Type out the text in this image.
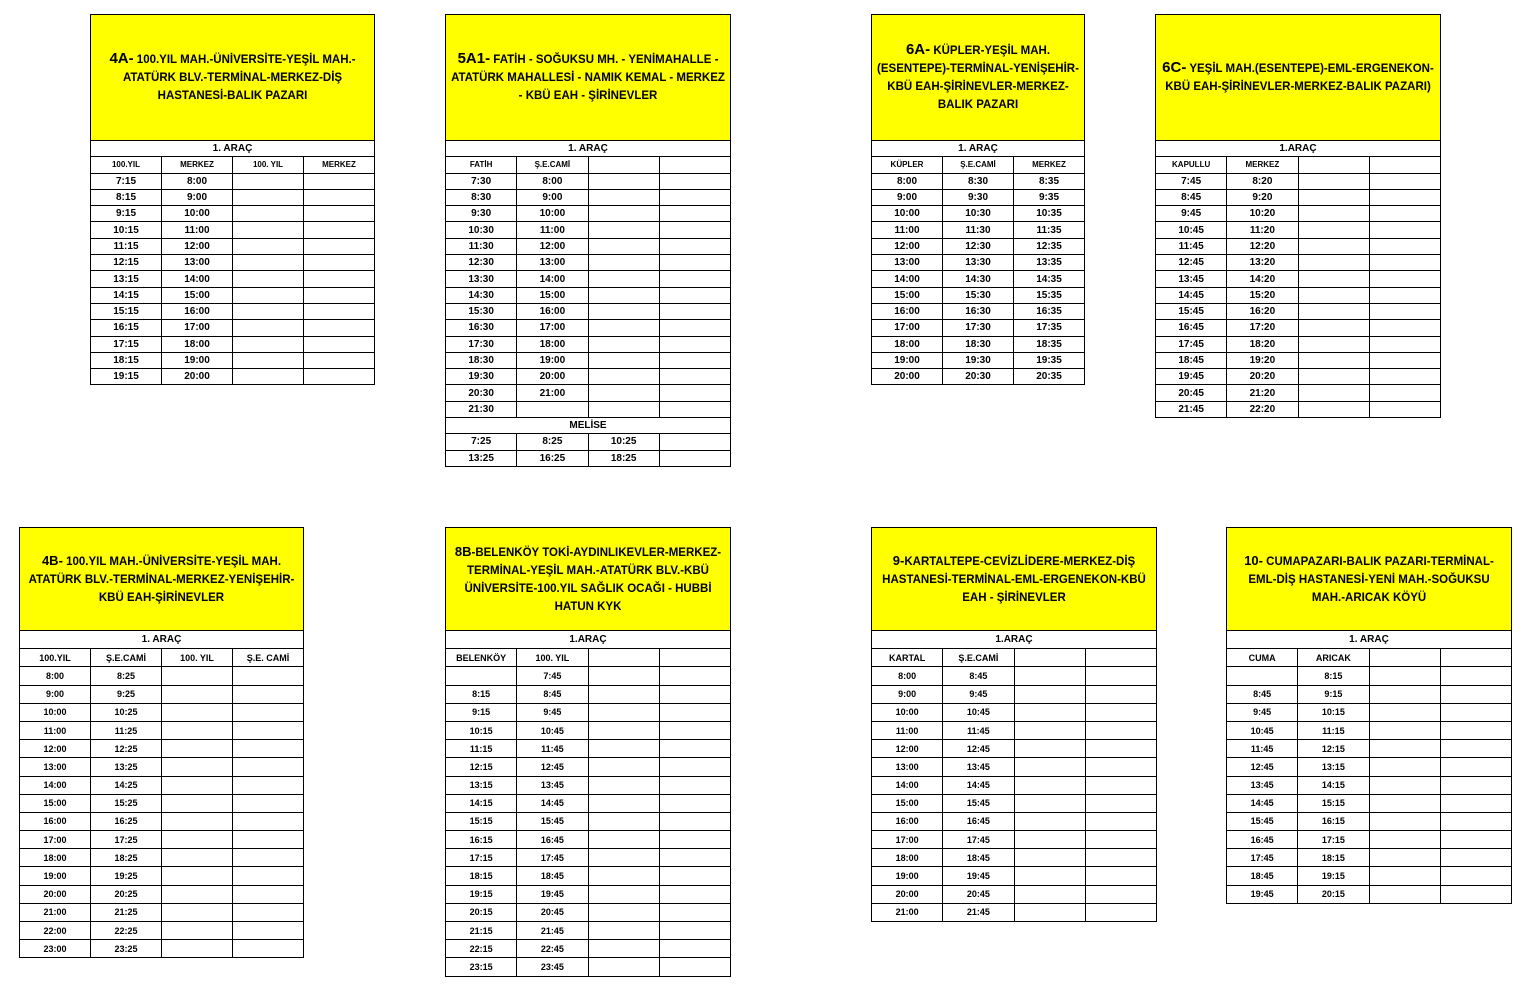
4A- 100.YIL MAH.-ÜNİVERSİTE-YEŞİL MAH.-ATATÜRK BLV.-TERMİNAL-MERKEZ-DİŞ HASTANESİ-BALIK PAZARI
1. ARAÇ			
100.YIL	MERKEZ	100. YIL	MERKEZ
7:15	8:00		
8:15	9:00		
9:15	10:00		
10:15	11:00		
11:15	12:00		
12:15	13:00		
13:15	14:00		
14:15	15:00		
15:15	16:00		
16:15	17:00		
17:15	18:00		
18:15	19:00		
19:15	20:00		
5A1- FATİH - SOĞUKSU MH. - YENİMAHALLE - ATATÜRK MAHALLESİ - NAMIK KEMAL - MERKEZ - KBÜ EAH - ŞİRİNEVLER
1. ARAÇ			
FATİH	Ş.E.CAMİ		
7:30	8:00		
8:30	9:00		
9:30	10:00		
10:30	11:00		
11:30	12:00		
12:30	13:00		
13:30	14:00		
14:30	15:00		
15:30	16:00		
16:30	17:00		
17:30	18:00		
18:30	19:00		
19:30	20:00		
20:30	21:00		
21:30			
MELİSE			
7:25	8:25	10:25	
13:25	16:25	18:25	
6A- KÜPLER-YEŞİL MAH.(ESENTEPE)-TERMİNAL-YENİŞEHİR-KBÜ EAH-ŞİRİNEVLER-MERKEZ-BALIK PAZARI
1. ARAÇ		
KÜPLER	Ş.E.CAMİ	MERKEZ
8:00	8:30	8:35
9:00	9:30	9:35
10:00	10:30	10:35
11:00	11:30	11:35
12:00	12:30	12:35
13:00	13:30	13:35
14:00	14:30	14:35
15:00	15:30	15:35
16:00	16:30	16:35
17:00	17:30	17:35
18:00	18:30	18:35
19:00	19:30	19:35
20:00	20:30	20:35
6C- YEŞİL MAH.(ESENTEPE)-EML-ERGENEKON-KBÜ EAH-ŞİRİNEVLER-MERKEZ-BALIK PAZARI)
1.ARAÇ			
KAPULLU	MERKEZ		
7:45	8:20		
8:45	9:20		
9:45	10:20		
10:45	11:20		
11:45	12:20		
12:45	13:20		
13:45	14:20		
14:45	15:20		
15:45	16:20		
16:45	17:20		
17:45	18:20		
18:45	19:20		
19:45	20:20		
20:45	21:20		
21:45	22:20		
4B- 100.YIL MAH.-ÜNİVERSİTE-YEŞİL MAH. ATATÜRK BLV.-TERMİNAL-MERKEZ-YENİŞEHİR-KBÜ EAH-ŞİRİNEVLER
1. ARAÇ			
100.YIL	Ş.E.CAMİ	100. YIL	Ş.E. CAMİ
8:00	8:25		
9:00	9:25		
10:00	10:25		
11:00	11:25		
12:00	12:25		
13:00	13:25		
14:00	14:25		
15:00	15:25		
16:00	16:25		
17:00	17:25		
18:00	18:25		
19:00	19:25		
20:00	20:25		
21:00	21:25		
22:00	22:25		
23:00	23:25		
8B-BELENKÖY TOKİ-AYDINLIKEVLER-MERKEZ-TERMİNAL-YEŞİL MAH.-ATATÜRK BLV.-KBÜ ÜNİVERSİTE-100.YIL SAĞLIK OCAĞI - HUBBİ HATUN KYK
1.ARAÇ			
BELENKÖY	100. YIL		
	7:45		
8:15	8:45		
9:15	9:45		
10:15	10:45		
11:15	11:45		
12:15	12:45		
13:15	13:45		
14:15	14:45		
15:15	15:45		
16:15	16:45		
17:15	17:45		
18:15	18:45		
19:15	19:45		
20:15	20:45		
21:15	21:45		
22:15	22:45		
23:15	23:45		
9-KARTALTEPE-CEVİZLİDERE-MERKEZ-DİŞ HASTANESİ-TERMİNAL-EML-ERGENEKON-KBÜ EAH - ŞİRİNEVLER
1.ARAÇ			
KARTAL	Ş.E.CAMİ		
8:00	8:45		
9:00	9:45		
10:00	10:45		
11:00	11:45		
12:00	12:45		
13:00	13:45		
14:00	14:45		
15:00	15:45		
16:00	16:45		
17:00	17:45		
18:00	18:45		
19:00	19:45		
20:00	20:45		
21:00	21:45		
10- CUMAPAZARI-BALIK PAZARI-TERMİNAL-EML-DİŞ HASTANESİ-YENİ MAH.-SOĞUKSU MAH.-ARICAK KÖYÜ
1. ARAÇ			
CUMA	ARICAK		
	8:15		
8:45	9:15		
9:45	10:15		
10:45	11:15		
11:45	12:15		
12:45	13:15		
13:45	14:15		
14:45	15:15		
15:45	16:15		
16:45	17:15		
17:45	18:15		
18:45	19:15		
19:45	20:15		
